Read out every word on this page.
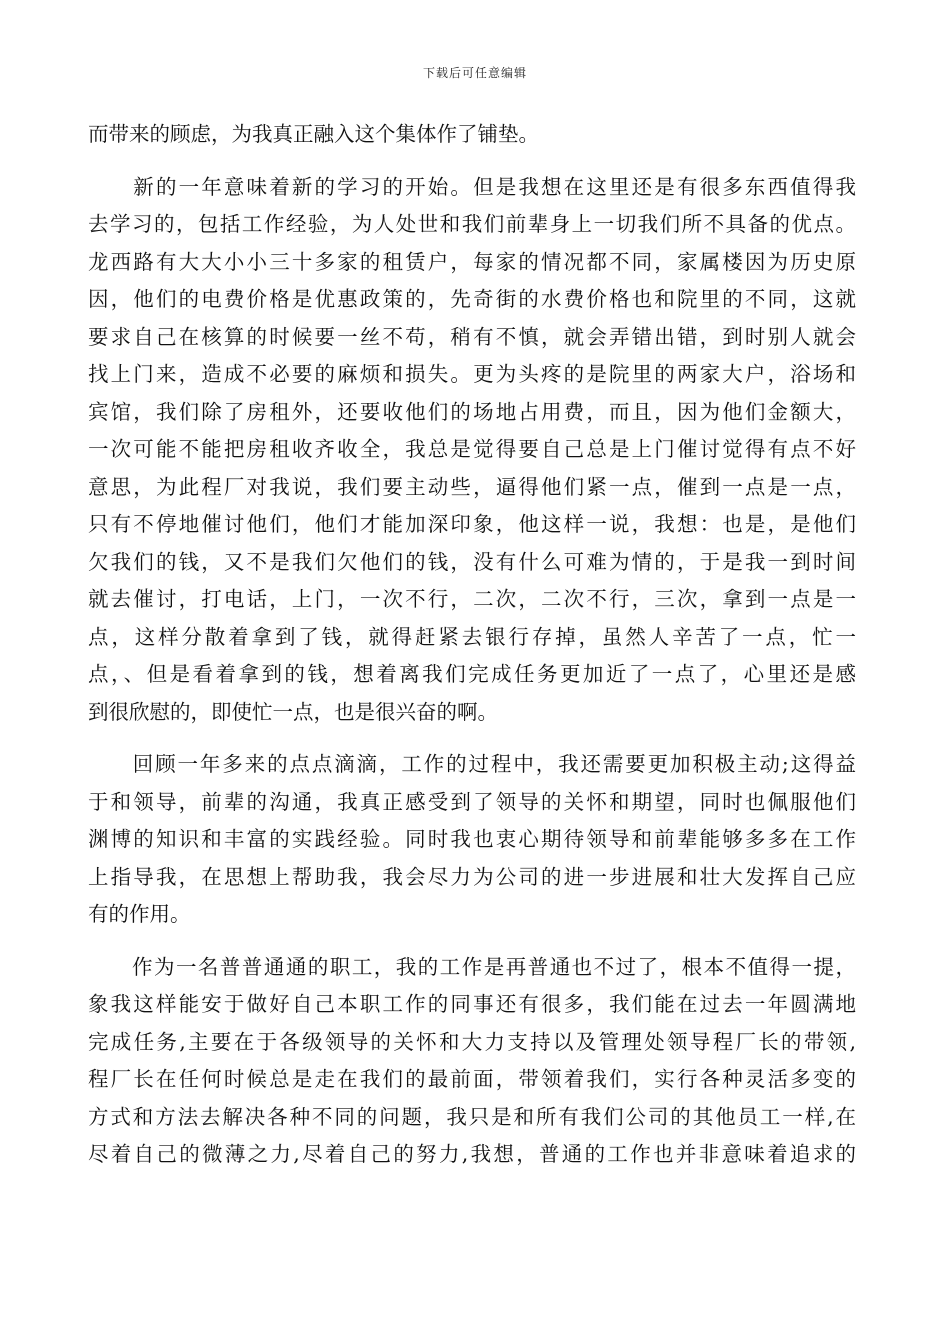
下载后可任意编辑
而带来的顾虑，为我真正融入这个集体作了铺垫。
　　新的一年意味着新的学习的开始。但是我想在这里还是有很多东西值得我
去学习的，包括工作经验，为人处世和我们前辈身上一切我们所不具备的优点。
龙西路有大大小小三十多家的租赁户，每家的情况都不同，家属楼因为历史原
因，他们的电费价格是优惠政策的，先奇街的水费价格也和院里的不同，这就
要求自己在核算的时候要一丝不苟，稍有不慎，就会弄错出错，到时别人就会
找上门来，造成不必要的麻烦和损失。更为头疼的是院里的两家大户，浴场和
宾馆，我们除了房租外，还要收他们的场地占用费，而且，因为他们金额大，
一次可能不能把房租收齐收全，我总是觉得要自己总是上门催讨觉得有点不好
意思，为此程厂对我说，我们要主动些，逼得他们紧一点，催到一点是一点，
只有不停地催讨他们，他们才能加深印象，他这样一说，我想：也是，是他们
欠我们的钱，又不是我们欠他们的钱，没有什么可难为情的，于是我一到时间
就去催讨，打电话，上门，一次不行，二次，二次不行，三次，拿到一点是一
点，这样分散着拿到了钱，就得赶紧去银行存掉，虽然人辛苦了一点，忙一
点，、但是看着拿到的钱，想着离我们完成任务更加近了一点了，心里还是感
到很欣慰的，即使忙一点，也是很兴奋的啊。
　　回顾一年多来的点点滴滴，工作的过程中，我还需要更加积极主动;这得益
于和领导，前辈的沟通，我真正感受到了领导的关怀和期望，同时也佩服他们
渊博的知识和丰富的实践经验。同时我也衷心期待领导和前辈能够多多在工作
上指导我，在思想上帮助我，我会尽力为公司的进一步进展和壮大发挥自己应
有的作用。
　　作为一名普普通通的职工，我的工作是再普通也不过了，根本不值得一提，
象我这样能安于做好自己本职工作的同事还有很多，我们能在过去一年圆满地
完成任务,主要在于各级领导的关怀和大力支持以及管理处领导程厂长的带领,
程厂长在任何时候总是走在我们的最前面，带领着我们，实行各种灵活多变的
方式和方法去解决各种不同的问题，我只是和所有我们公司的其他员工一样,在
尽着自己的微薄之力,尽着自己的努力,我想，普通的工作也并非意味着追求的
